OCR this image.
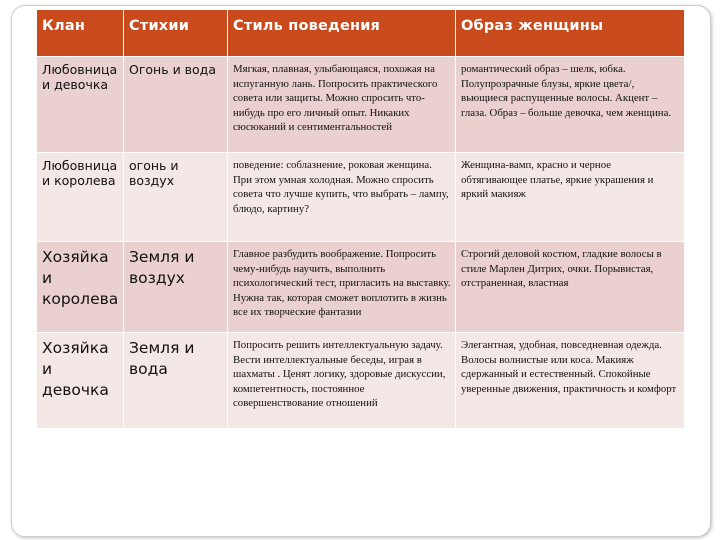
Клан	Стихии	Стиль поведения	Образ женщины
Любовница и девочка	Огонь и вода	Мягкая, плавная, улыбающаяся, похожая на испуганную лань. Попросить практического совета или защиты. Можно спросить что-нибудь про его личный опыт. Никаких сюсюканий и сентиментальностей	романтический образ – шелк, юбка. Полупрозрачные блузы, яркие цвета/, вьющиеся распущенные волосы. Акцент – глаза. Образ – больше девочка, чем женщина.
Любовница и королева	огонь и воздух	поведение: соблазнение, роковая женщина. При этом умная холодная. Можно спросить совета что лучше купить, что выбрать – лампу, блюдо, картину?	Женщина-вамп, красно и черное обтягивающее платье, яркие украшения и яркий макияж
Хозяйка и королева	Земля и воздух	Главное разбудить воображение. Попросить чему-нибудь научить, выполнить психологический тест, пригласить на выставку. Нужна так, которая сможет воплотить в жизнь все их творческие фантазии	Строгий деловой костюм, гладкие волосы в стиле Марлен Дитрих, очки. Порывистая, отстраненная, властная
Хозяйка и девочка	Земля и вода	Попросить решить интеллектуальную задачу. Вести интеллектуальные беседы, играя в шахматы . Ценят логику, здоровые дискуссии, компетентность, постоянное совершенствование отношений	Элегантная, удобная, повседневная одежда. Волосы волнистые или коса. Макияж сдержанный и естественный. Спокойные уверенные движения, практичность и комфорт
